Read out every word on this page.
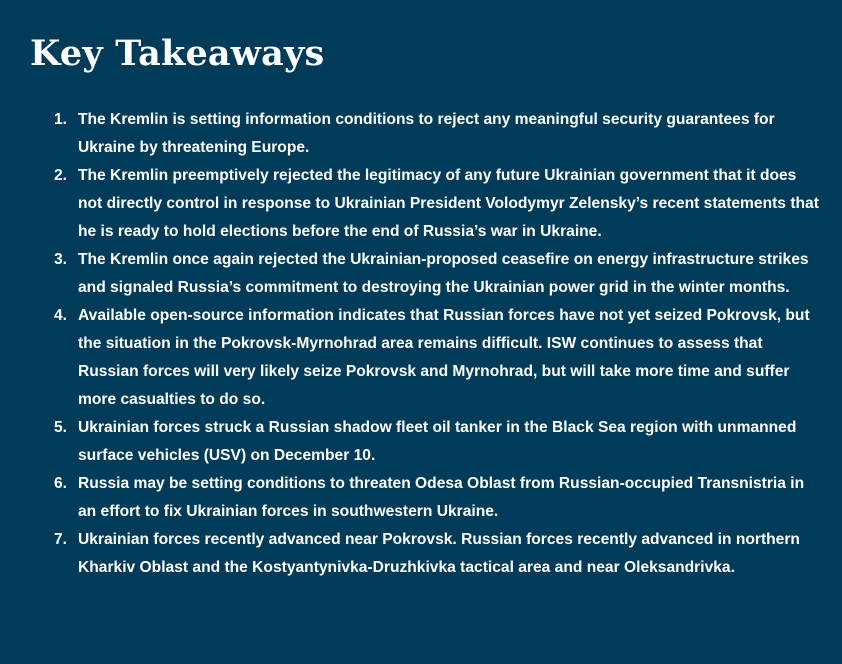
Key Takeaways
1. The Kremlin is setting information conditions to reject any meaningful security guarantees for Ukraine by threatening Europe.
2. The Kremlin preemptively rejected the legitimacy of any future Ukrainian government that it does not directly control in response to Ukrainian President Volodymyr Zelensky’s recent statements that he is ready to hold elections before the end of Russia’s war in Ukraine.
3. The Kremlin once again rejected the Ukrainian-proposed ceasefire on energy infrastructure strikes and signaled Russia’s commitment to destroying the Ukrainian power grid in the winter months.
4. Available open-source information indicates that Russian forces have not yet seized Pokrovsk, but the situation in the Pokrovsk-Myrnohrad area remains difficult. ISW continues to assess that Russian forces will very likely seize Pokrovsk and Myrnohrad, but will take more time and suffer more casualties to do so.
5. Ukrainian forces struck a Russian shadow fleet oil tanker in the Black Sea region with unmanned surface vehicles (USV) on December 10.
6. Russia may be setting conditions to threaten Odesa Oblast from Russian-occupied Transnistria in an effort to fix Ukrainian forces in southwestern Ukraine.
7. Ukrainian forces recently advanced near Pokrovsk. Russian forces recently advanced in northern Kharkiv Oblast and the Kostyantynivka-Druzhkivka tactical area and near Oleksandrivka.
